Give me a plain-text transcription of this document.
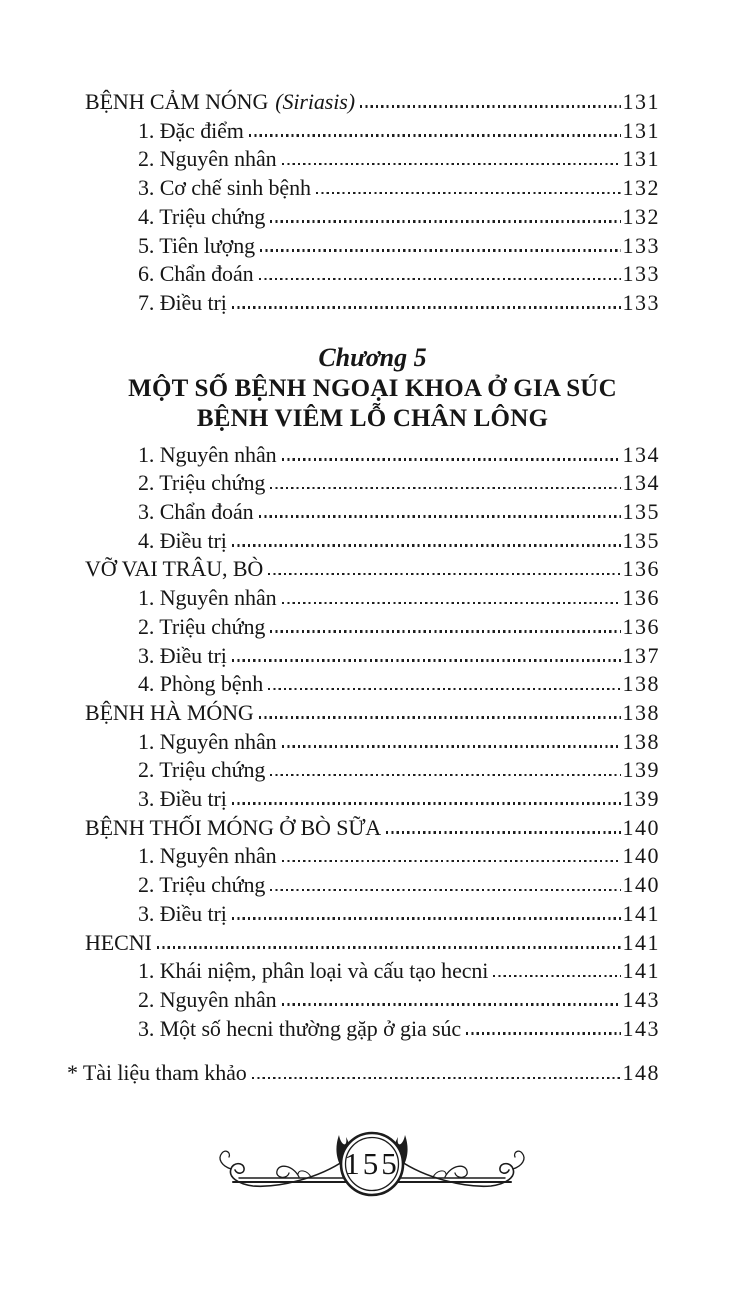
BỆNH CẢM NÓNG (Siriasis)	131
1. Đặc điểm	131
2. Nguyên nhân	131
3. Cơ chế sinh bệnh	132
4. Triệu chứng	132
5. Tiên lượng	133
6. Chẩn đoán	133
7. Điều trị	133
Chương 5
MỘT SỐ BỆNH NGOẠI KHOA Ở GIA SÚC
BỆNH VIÊM LỖ CHÂN LÔNG
1. Nguyên nhân	134
2. Triệu chứng	134
3. Chẩn đoán	135
4. Điều trị	135
VỠ VAI TRÂU, BÒ	136
1. Nguyên nhân	136
2. Triệu chứng	136
3. Điều trị	137
4. Phòng bệnh	138
BỆNH HÀ MÓNG	138
1. Nguyên nhân	138
2. Triệu chứng	139
3. Điều trị	139
BỆNH THỐI MÓNG Ở BÒ SỮA	140
1. Nguyên nhân	140
2. Triệu chứng	140
3. Điều trị	141
HECNI	141
1. Khái niệm, phân loại và cấu tạo hecni	141
2. Nguyên nhân	143
3. Một số hecni thường gặp ở gia súc	143
* Tài liệu tham khảo	148
155
